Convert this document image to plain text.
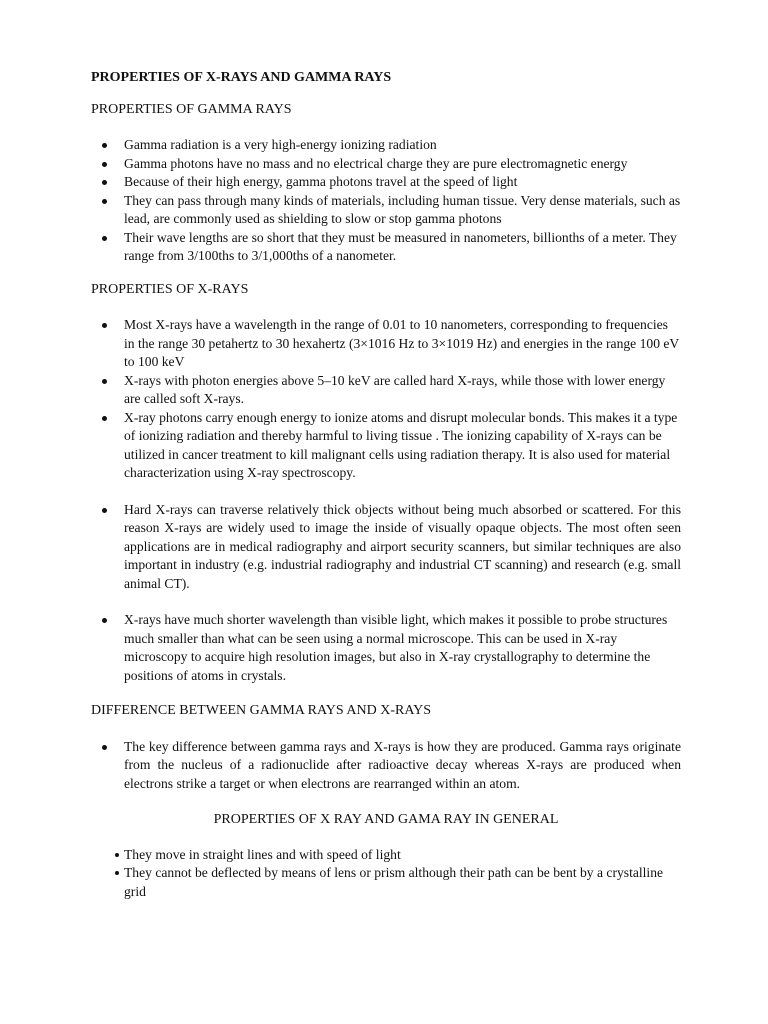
PROPERTIES OF X-RAYS AND GAMMA RAYS

PROPERTIES OF GAMMA RAYS

Gamma radiation is a very high-energy ionizing radiation
Gamma photons have no mass and no electrical charge they are pure electromagnetic energy
Because of their high energy, gamma photons travel at the speed of light
They can pass through many kinds of materials, including human tissue. Very dense materials, such as lead, are commonly used as shielding to slow or stop gamma photons
Their wave lengths are so short that they must be measured in nanometers, billionths of a meter. They range from 3/100ths to 3/1,000ths of a nanometer.

PROPERTIES OF X-RAYS

Most X-rays have a wavelength in the range of 0.01 to 10 nanometers, corresponding to frequencies in the range 30 petahertz to 30 hexahertz (3×1016 Hz to 3×1019 Hz) and energies in the range 100 eV to 100 keV
X-rays with photon energies above 5–10 keV are called hard X-rays, while those with lower energy are called soft X-rays.
X-ray photons carry enough energy to ionize atoms and disrupt molecular bonds. This makes it a type of ionizing radiation and thereby harmful to living tissue . The ionizing capability of X-rays can be utilized in cancer treatment to kill malignant cells using radiation therapy. It is also used for material characterization using X-ray spectroscopy.
Hard X-rays can traverse relatively thick objects without being much absorbed or scattered. For this reason X-rays are widely used to image the inside of visually opaque objects. The most often seen applications are in medical radiography and airport security scanners, but similar techniques are also important in industry (e.g. industrial radiography and industrial CT scanning) and research (e.g. small animal CT).
X-rays have much shorter wavelength than visible light, which makes it possible to probe structures much smaller than what can be seen using a normal microscope. This can be used in X-ray microscopy to acquire high resolution images, but also in X-ray crystallography to determine the positions of atoms in crystals.

DIFFERENCE BETWEEN GAMMA RAYS AND X-RAYS

The key difference between gamma rays and X-rays is how they are produced. Gamma rays originate from the nucleus of a radionuclide after radioactive decay whereas X-rays are produced when electrons strike a target or when electrons are rearranged within an atom.

PROPERTIES OF X RAY AND GAMA RAY IN GENERAL

They move in straight lines and with speed of light
They cannot be deflected by means of lens or prism although their path can be bent by a crystalline grid
